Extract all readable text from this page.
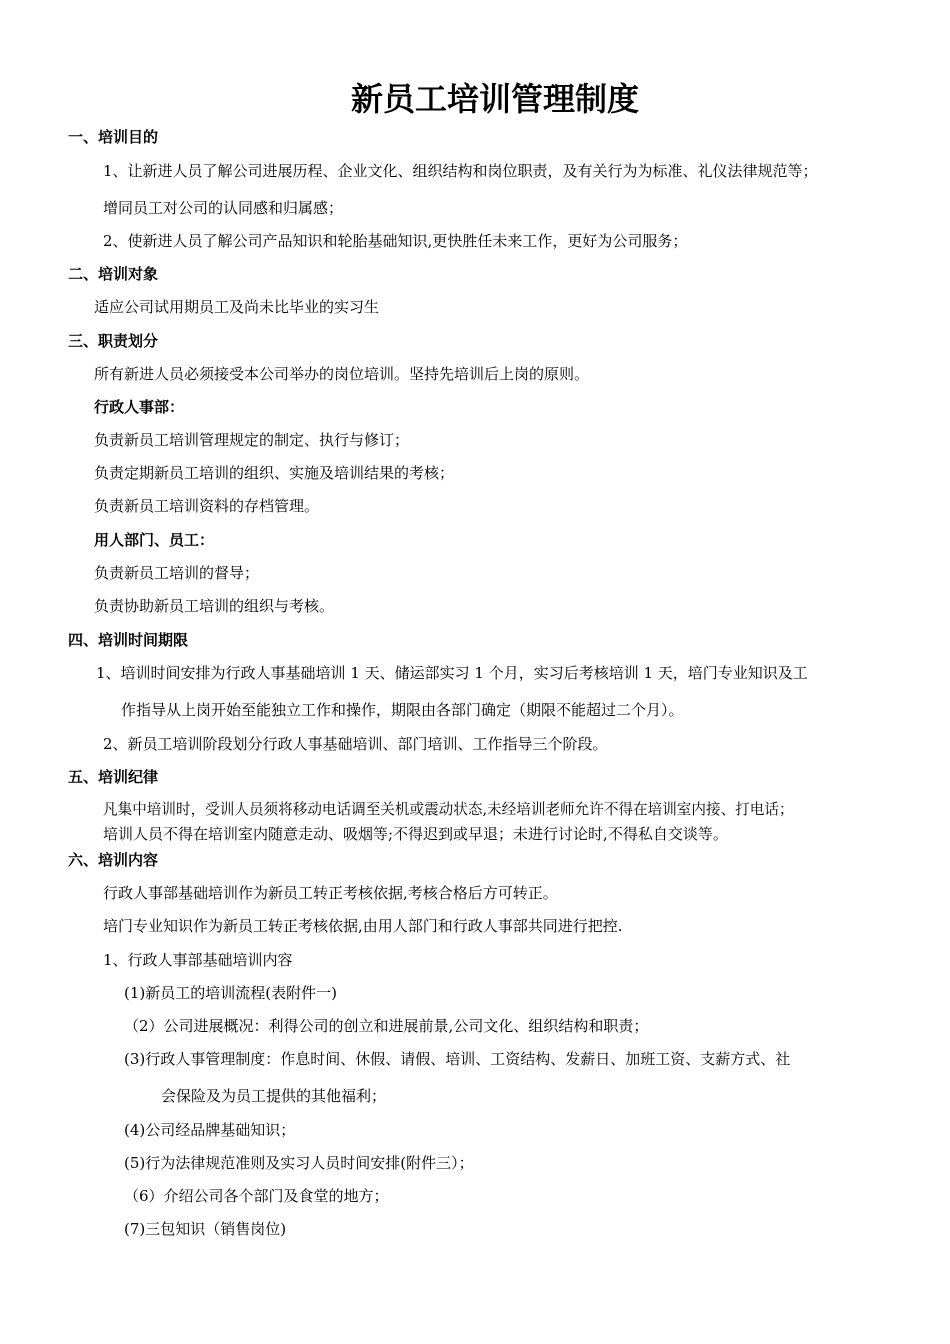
新员工培训管理制度
一、培训目的
1、让新进人员了解公司进展历程、企业文化、组织结构和岗位职责，及有关行为为标准、礼仪法律规范等；
增同员工对公司的认同感和归属感；
2、使新进人员了解公司产品知识和轮胎基础知识,更快胜任未来工作，更好为公司服务；
二、培训对象
适应公司试用期员工及尚未比毕业的实习生
三、职责划分
所有新进人员必须接受本公司举办的岗位培训。坚持先培训后上岗的原则。
行政人事部：
负责新员工培训管理规定的制定、执行与修订；
负责定期新员工培训的组织、实施及培训结果的考核；
负责新员工培训资料的存档管理。
用人部门、员工：
负责新员工培训的督导；
负责协助新员工培训的组织与考核。
四、培训时间期限
1、培训时间安排为行政人事基础培训 1 天、储运部实习 1 个月，实习后考核培训 1 天，培门专业知识及工
作指导从上岗开始至能独立工作和操作，期限由各部门确定（期限不能超过二个月）。
2、新员工培训阶段划分行政人事基础培训、部门培训、工作指导三个阶段。
五、培训纪律
凡集中培训时，受训人员须将移动电话调至关机或震动状态,未经培训老师允许不得在培训室内接、打电话；
培训人员不得在培训室内随意走动、吸烟等;不得迟到或早退；未进行讨论时,不得私自交谈等。
六、培训内容
行政人事部基础培训作为新员工转正考核依据,考核合格后方可转正。
培门专业知识作为新员工转正考核依据,由用人部门和行政人事部共同进行把控.
1、行政人事部基础培训内容
(1)新员工的培训流程(表附件一)
（2）公司进展概况：利得公司的创立和进展前景,公司文化、组织结构和职责；
(3)行政人事管理制度：作息时间、休假、请假、培训、工资结构、发薪日、加班工资、支薪方式、社
会保险及为员工提供的其他福利；
(4)公司经品牌基础知识；
(5)行为法律规范准则及实习人员时间安排(附件三）；
（6）介绍公司各个部门及食堂的地方；
(7)三包知识（销售岗位)
